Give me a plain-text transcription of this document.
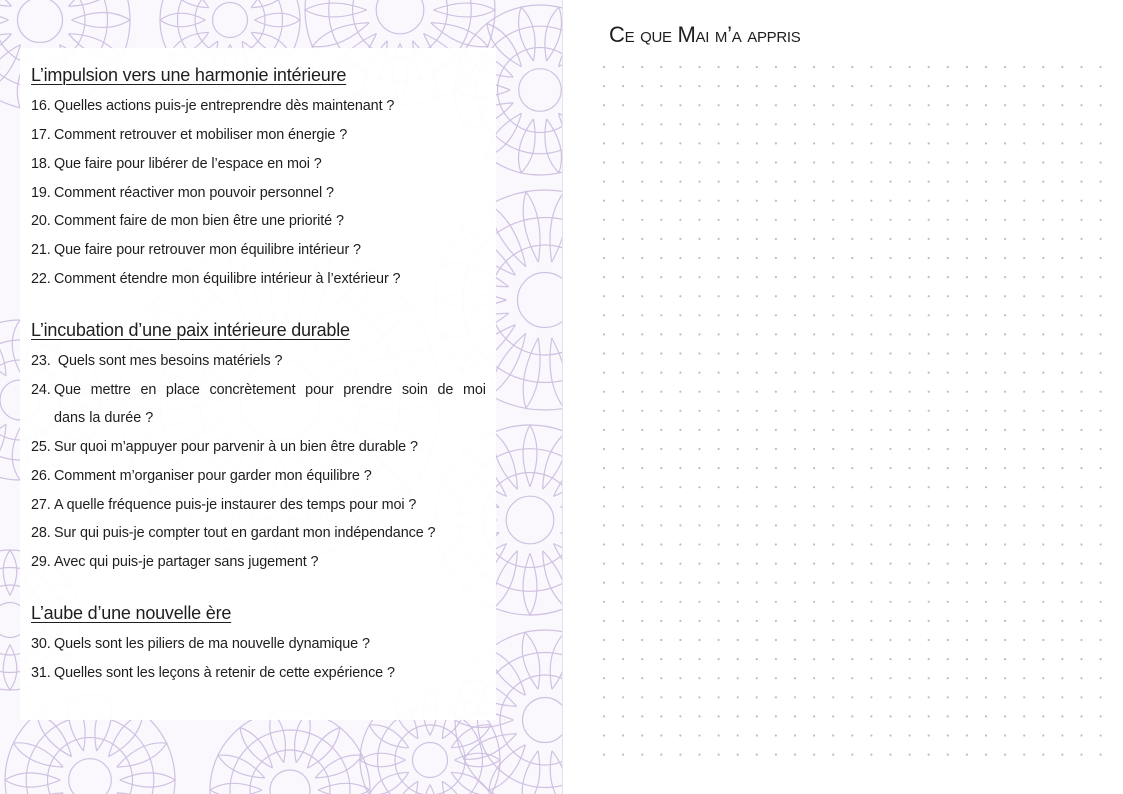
L’impulsion vers une harmonie intérieure
16. Quelles actions puis-je entreprendre dès maintenant ?
17. Comment retrouver et mobiliser mon énergie ?
18. Que faire pour libérer de l’espace en moi ?
19. Comment réactiver mon pouvoir personnel ?
20. Comment faire de mon bien être une priorité ?
21. Que faire pour retrouver mon équilibre intérieur ?
22. Comment étendre mon équilibre intérieur à l’extérieur ?
L’incubation d’une paix intérieure durable
23. Quels sont mes besoins matériels ?
24. Que mettre en place concrètement pour prendre soin de moi
dans la durée ?
25. Sur quoi m’appuyer pour parvenir à un bien être durable ?
26. Comment m’organiser pour garder mon équilibre ?
27. A quelle fréquence puis-je instaurer des temps pour moi ?
28. Sur qui puis-je compter tout en gardant mon indépendance ?
29. Avec qui puis-je partager sans jugement ?
L’aube d’une nouvelle ère
30. Quels sont les piliers de ma nouvelle dynamique ?
31. Quelles sont les leçons à retenir de cette expérience ?
Ce que Mai m’a appris
